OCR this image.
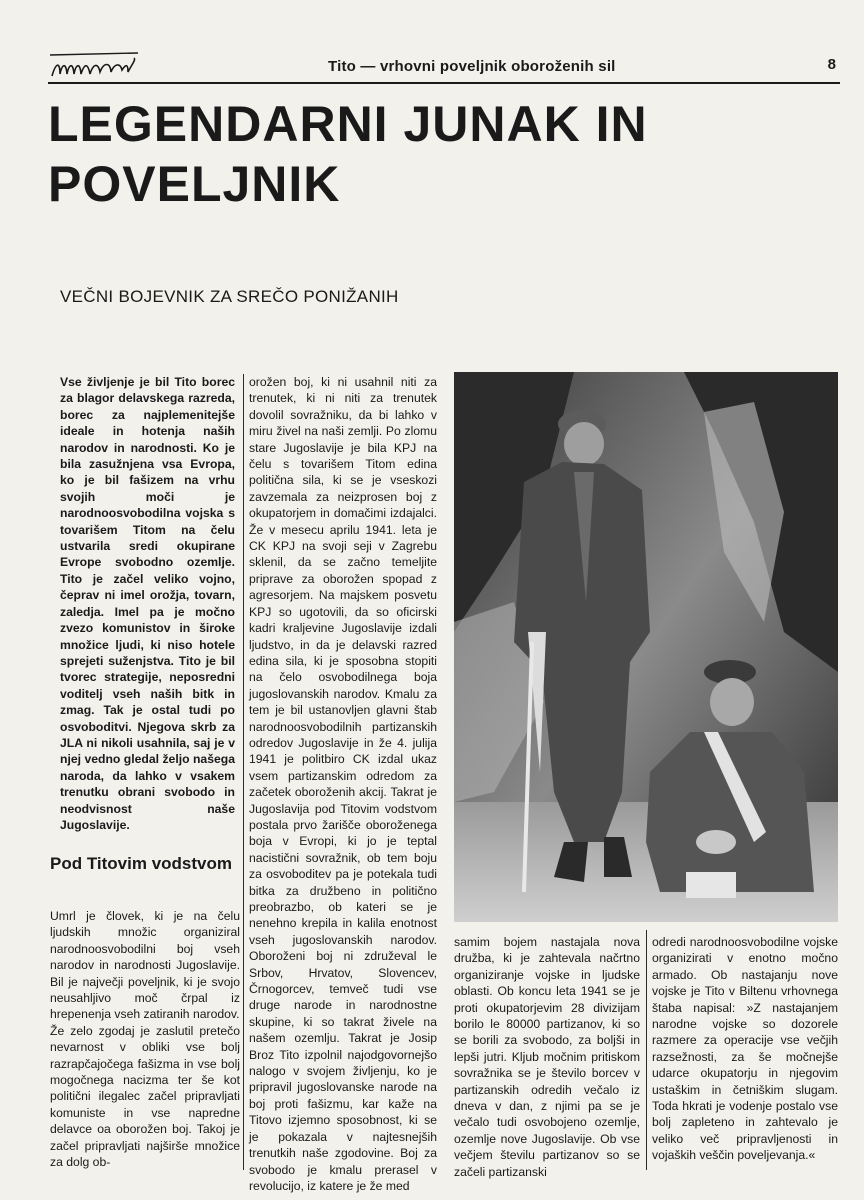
Tito — vrhovni poveljnik oboroženih sil	8
LEGENDARNI JUNAK IN POVELJNIK
VEČNI BOJEVNIK ZA SREČO PONIŽANIH

Vse življenje je bil Tito borec za blagor delavskega razreda, borec za najplemenitejše ideale in hotenja naših narodov in narodnosti. Ko je bila zasužnjena vsa Evropa, ko je bil fašizem na vrhu svojih moči je narodnoosvobodilna vojska s tovarišem Titom na čelu ustvarila sredi okupirane Evrope svobodno ozemlje. Tito je začel veliko vojno, čeprav ni imel orožja, tovarn, zaledja. Imel pa je močno zvezo komunistov in široke množice ljudi, ki niso hotele sprejeti suženjstva. Tito je bil tvorec strategije, neposredni voditelj vseh naših bitk in zmag. Tak je ostal tudi po osvoboditvi. Njegova skrb za JLA ni nikoli usahnila, saj je v njej vedno gledal željo našega naroda, da lahko v vsakem trenutku obrani svobodo in neodvisnost naše Jugoslavije.

Pod Titovim vodstvom

Umrl je človek, ki je na čelu ljudskih množic organiziral narodnoosvobodilni boj vseh narodov in narodnosti Jugoslavije. Bil je največji poveljnik, ki je svojo neusahljivo moč črpal iz hrepenenja vseh zatiranih narodov.

Že zelo zgodaj je zaslutil pretečo nevarnost v obliki vse bolj razrapčajočega fašizma in vse bolj mogočnega nacizma ter še kot politični ilegalec začel pripravljati komuniste in vse napredne delavce oa oborožen boj. Takoj je začel pripravljati najširše množice za dolg ob-

orožen boj, ki ni usahnil niti za trenutek, ki ni niti za trenutek dovolil sovražniku, da bi lahko v miru živel na naši zemlji. Po zlomu stare Jugoslavije je bila KPJ na čelu s tovarišem Titom edina politična sila, ki se je vseskozi zavzemala za neizprosen boj z okupatorjem in domačimi izdajalci. Že v mesecu aprilu 1941. leta je CK KPJ na svoji seji v Zagrebu sklenil, da se začno temeljite priprave za oborožen spopad z agresorjem. Na majskem posvetu KPJ so ugotovili, da so oficirski kadri kraljevine Jugoslavije izdali ljudstvo, in da je delavski razred edina sila, ki je sposobna stopiti na čelo osvobodilnega boja jugoslovanskih narodov. Kmalu za tem je bil ustanovljen glavni štab narodnoosvobodilnih partizanskih odredov Jugoslavije in že 4. julija 1941 je politbiro CK izdal ukaz vsem partizanskim odredom za začetek oboroženih akcij. Takrat je Jugoslavija pod Titovim vodstvom postala prvo žarišče oboroženega boja v Evropi, ki jo je teptal nacistični sovražnik, ob tem boju za osvoboditev pa je potekala tudi bitka za družbeno in politično preobrazbo, ob kateri se je nenehno krepila in kalila enotnost vseh jugoslovanskih narodov. Oboroženi boj ni združeval le Srbov, Hrvatov, Slovencev, Črnogorcev, temveč tudi vse druge narode in narodnostne skupine, ki so takrat živele na našem ozemlju. Takrat je Josip Broz Tito izpolnil najodgovornejšo nalogo v svojem življenju, ko je pripravil jugoslovanske narode na boj proti fašizmu, kar kaže na Titovo izjemno sposobnost, ki se je pokazala v najtesnejših trenutkih naše zgodovine. Boj za svobodo je kmalu prerasel v revolucijo, iz katere je že med

samim bojem nastajala nova družba, ki je zahtevala načrtno organiziranje vojske in ljudske oblasti. Ob koncu leta 1941 se je proti okupatorjevim 28 divizijam borilo le 80000 partizanov, ki so se borili za svobodo, za boljši in lepši jutri. Kljub močnim pritiskom sovražnika se je število borcev v partizanskih odredih večalo iz dneva v dan, z njimi pa se je večalo tudi osvobojeno ozemlje, ozemlje nove Jugoslavije. Ob vse večjem številu partizanov so se začeli partizanski

odredi narodnoosvobodilne vojske organizirati v enotno močno armado. Ob nastajanju nove vojske je Tito v Biltenu vrhovnega štaba napisal: »Z nastajanjem narodne vojske so dozorele razmere za operacije vse večjih razsežnosti, za še močnejše udarce okupatorju in njegovim ustaškim in četniškim slugam. Toda hkrati je vodenje postalo vse bolj zapleteno in zahtevalo je veliko več pripravljenosti in vojaških veščin poveljevanja.«
